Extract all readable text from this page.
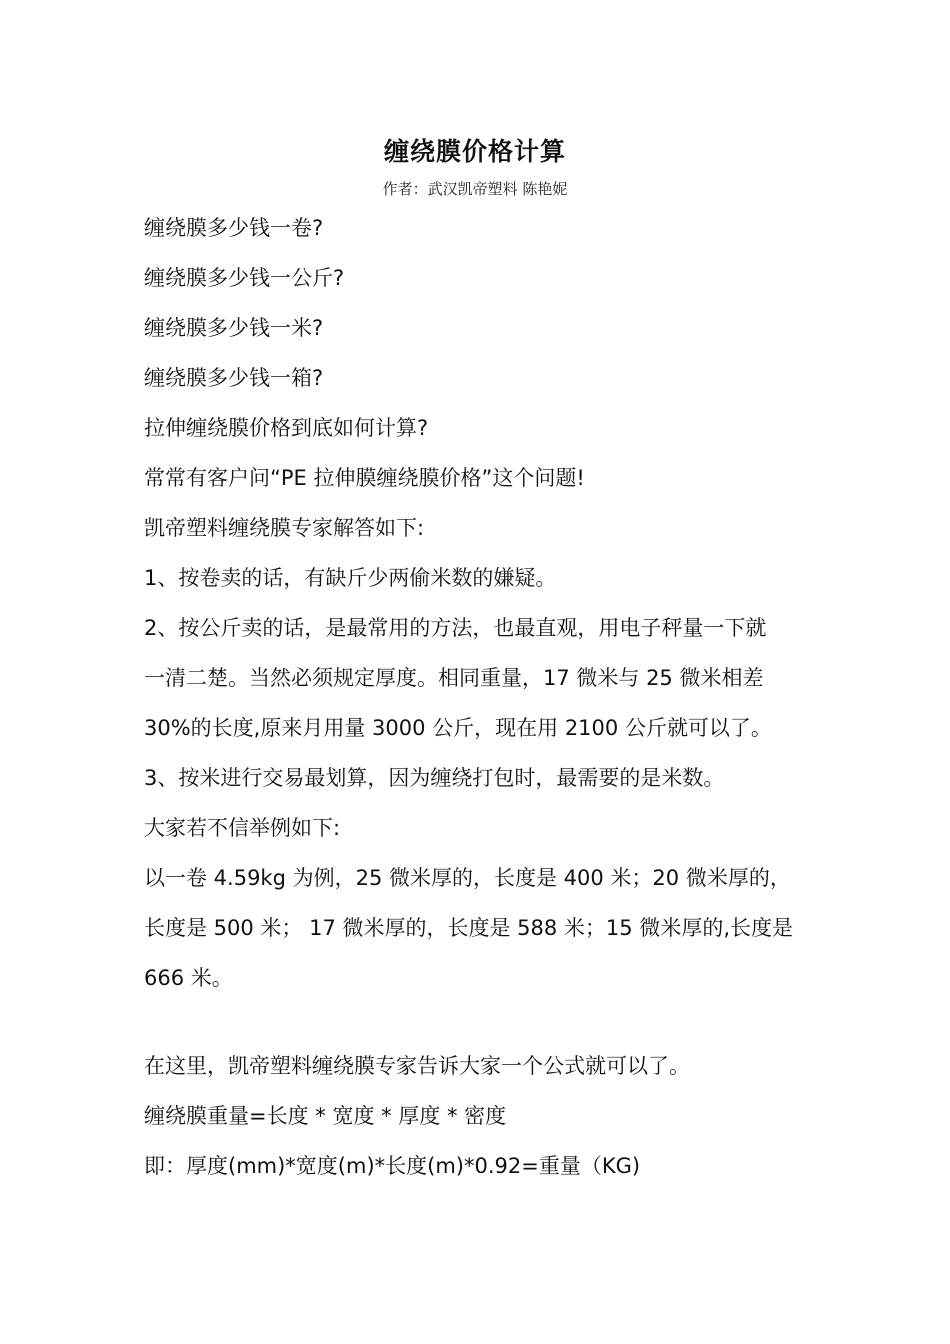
缠绕膜价格计算
作者：武汉凯帝塑料 陈艳妮
缠绕膜多少钱一卷?
缠绕膜多少钱一公斤?
缠绕膜多少钱一米?
缠绕膜多少钱一箱?
拉伸缠绕膜价格到底如何计算?
常常有客户问“PE 拉伸膜缠绕膜价格”这个问题!
凯帝塑料缠绕膜专家解答如下:
1、按卷卖的话，有缺斤少两偷米数的嫌疑。
2、按公斤卖的话，是最常用的方法，也最直观，用电子秤量一下就
一清二楚。当然必须规定厚度。相同重量，17 微米与 25 微米相差
30%的长度,原来月用量 3000 公斤，现在用 2100 公斤就可以了。
3、按米进行交易最划算，因为缠绕打包时，最需要的是米数。
大家若不信举例如下:
以一卷 4.59kg 为例，25 微米厚的，长度是 400 米；20 微米厚的，
长度是 500 米； 17 微米厚的，长度是 588 米；15 微米厚的,长度是
666 米。
在这里，凯帝塑料缠绕膜专家告诉大家一个公式就可以了。
缠绕膜重量=长度 * 宽度 * 厚度 * 密度
即：厚度(mm)*宽度(m)*长度(m)*0.92=重量（KG)
